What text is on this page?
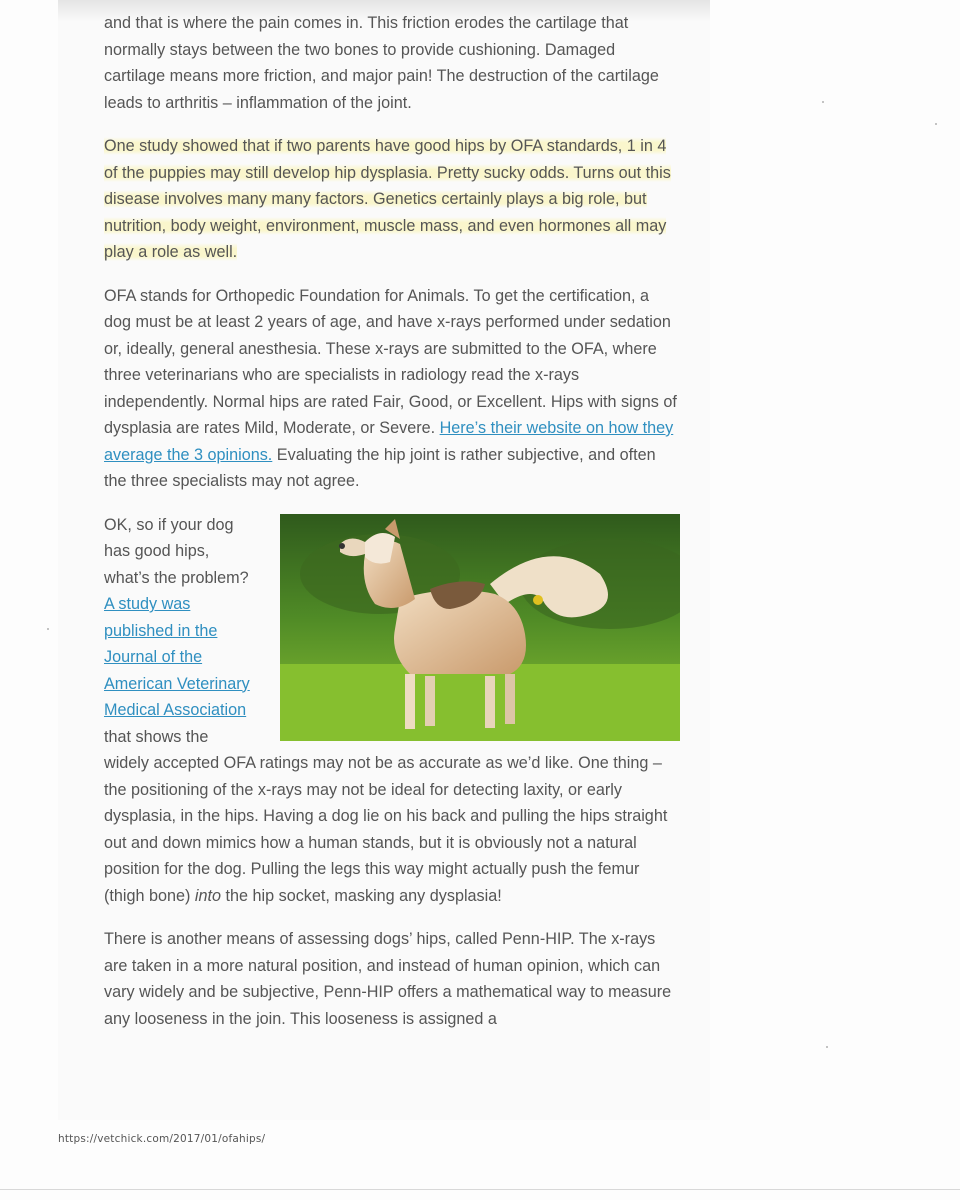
and that is where the pain comes in. This friction erodes the cartilage that normally stays between the two bones to provide cushioning. Damaged cartilage means more friction, and major pain! The destruction of the cartilage leads to arthritis – inflammation of the joint.

One study showed that if two parents have good hips by OFA standards, 1 in 4 of the puppies may still develop hip dysplasia. Pretty sucky odds. Turns out this disease involves many many factors. Genetics certainly plays a big role, but nutrition, body weight, environment, muscle mass, and even hormones all may play a role as well.

OFA stands for Orthopedic Foundation for Animals. To get the certification, a dog must be at least 2 years of age, and have x-rays performed under sedation or, ideally, general anesthesia. These x-rays are submitted to the OFA, where three veterinarians who are specialists in radiology read the x-rays independently. Normal hips are rated Fair, Good, or Excellent. Hips with signs of dysplasia are rates Mild, Moderate, or Severe. Here’s their website on how they average the 3 opinions. Evaluating the hip joint is rather subjective, and often the three specialists may not agree.

OK, so if your dog has good hips, what’s the problem? A study was published in the Journal of the American Veterinary Medical Association that shows the widely accepted OFA ratings may not be as accurate as we’d like. One thing – the positioning of the x-rays may not be ideal for detecting laxity, or early dysplasia, in the hips. Having a dog lie on his back and pulling the hips straight out and down mimics how a human stands, but it is obviously not a natural position for the dog. Pulling the legs this way might actually push the femur (thigh bone) into the hip socket, masking any dysplasia!

There is another means of assessing dogs’ hips, called Penn-HIP. The x-rays are taken in a more natural position, and instead of human opinion, which can vary widely and be subjective, Penn-HIP offers a mathematical way to measure any looseness in the join. This looseness is assigned a

https://vetchick.com/2017/01/ofahips/
